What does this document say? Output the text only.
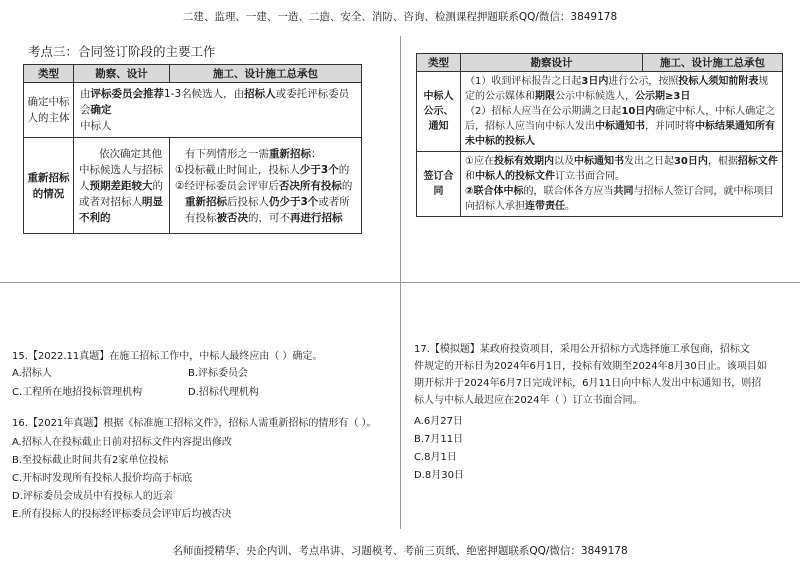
二建、监理、一建、一造、二造、安全、消防、咨询、检测课程押题联系QQ/微信：3849178
考点三：合同签订阶段的主要工作
类型	勘察、设计	施工、设计施工总承包
确定中标人的主体	由评标委员会推荐1-3名候选人，由招标人或委托评标委员会确定
中标人	
重新招标的情况	依次确定其他中标候选人与招标人预期差距较大的或者对招标人明显不利的	有下列情形之一需重新招标：
①投标截止时间止，投标人少于3个的
②经评标委员会评审后否决所有投标的
重新招标后投标人仍少于3个或者所有投标被否决的，可不再进行招标
类型	勘察设计	施工、设计施工总承包
中标人公示、通知	（1）收到评标报告之日起3日内进行公示，按照投标人须知前附表规定的公示媒体和期限公示中标候选人，公示期≥3日
（2）招标人应当在公示期满之日起10日内确定中标人，中标人确定之后，招标人应当向中标人发出中标通知书，并同时将中标结果通知所有未中标的投标人	

签订合同	①应在投标有效期内以及中标通知书发出之日起30日内，根据招标文件和中标人的投标文件订立书面合同。
②联合体中标的，联合体各方应当共同与招标人签订合同，就中标项目向招标人承担连带责任。	
15.【2022.11真题】在施工招标工作中，中标人最终应由（ ）确定。
A.招标人	B.评标委员会
C.工程所在地招投标管理机构	D.招标代理机构
16.【2021年真题】根据《标准施工招标文件》，招标人需重新招标的情形有（ ）。
A.招标人在投标截止日前对招标文件内容提出修改
B.至投标截止时间共有2家单位投标
C.开标时发现所有投标人报价均高于标底
D.评标委员会成员中有投标人的近亲
E.所有投标人的投标经评标委员会评审后均被否决
17.【模拟题】某政府投资项目，采用公开招标方式选择施工承包商，招标文
件规定的开标日为2024年6月1日，投标有效期至2024年8月30日止。该项目如
期开标并于2024年6月7日完成评标，6月11日向中标人发出中标通知书，则招
标人与中标人最迟应在2024年（ ）订立书面合同。
A.6月27日
B.7月11日
C.8月1日
D.8月30日
名师面授精华、央企内训、考点串讲、习题模考、考前三页纸、绝密押题联系QQ/微信：3849178
